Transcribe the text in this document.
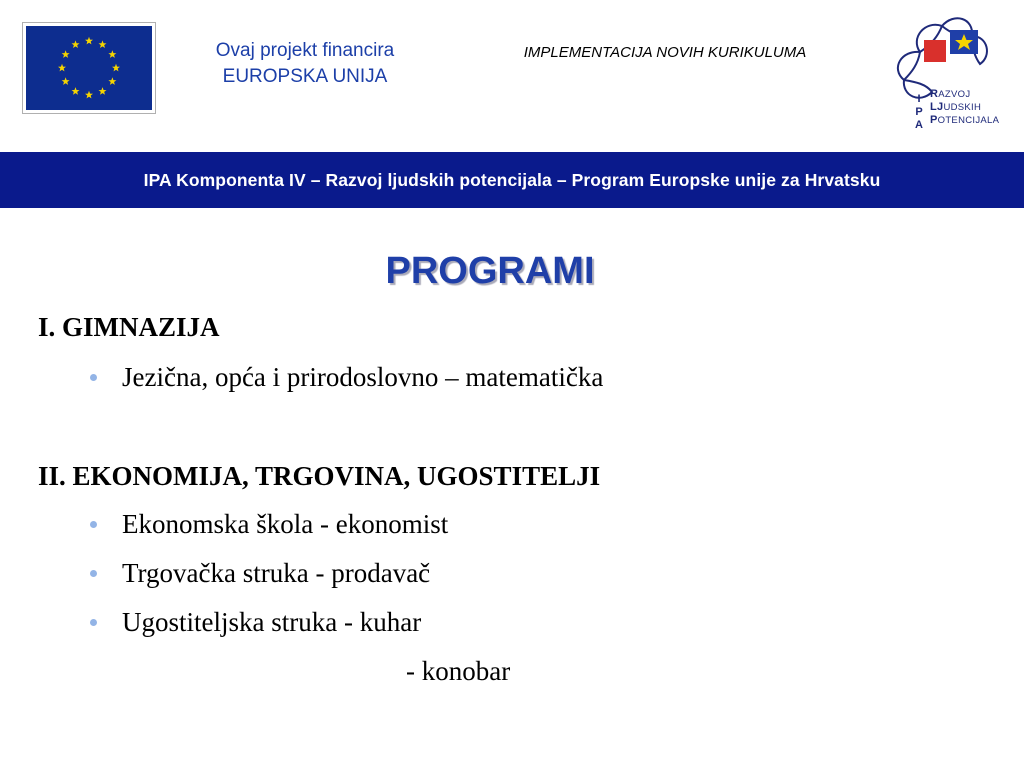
Ovaj projekt financira
EUROPSKA UNIJA
IMPLEMENTACIJA NOVIH KURIKULUMA
I
P
A
RAZVOJ
LJUDSKIH
POTENCIJALA
IPA Komponenta IV – Razvoj ljudskih potencijala – Program Europske unije za Hrvatsku
PROGRAMI
I. GIMNAZIJA
Jezična, opća i prirodoslovno – matematička
II. EKONOMIJA, TRGOVINA, UGOSTITELJI
Ekonomska škola - ekonomist
Trgovačka struka - prodavač
Ugostiteljska struka - kuhar
- konobar
